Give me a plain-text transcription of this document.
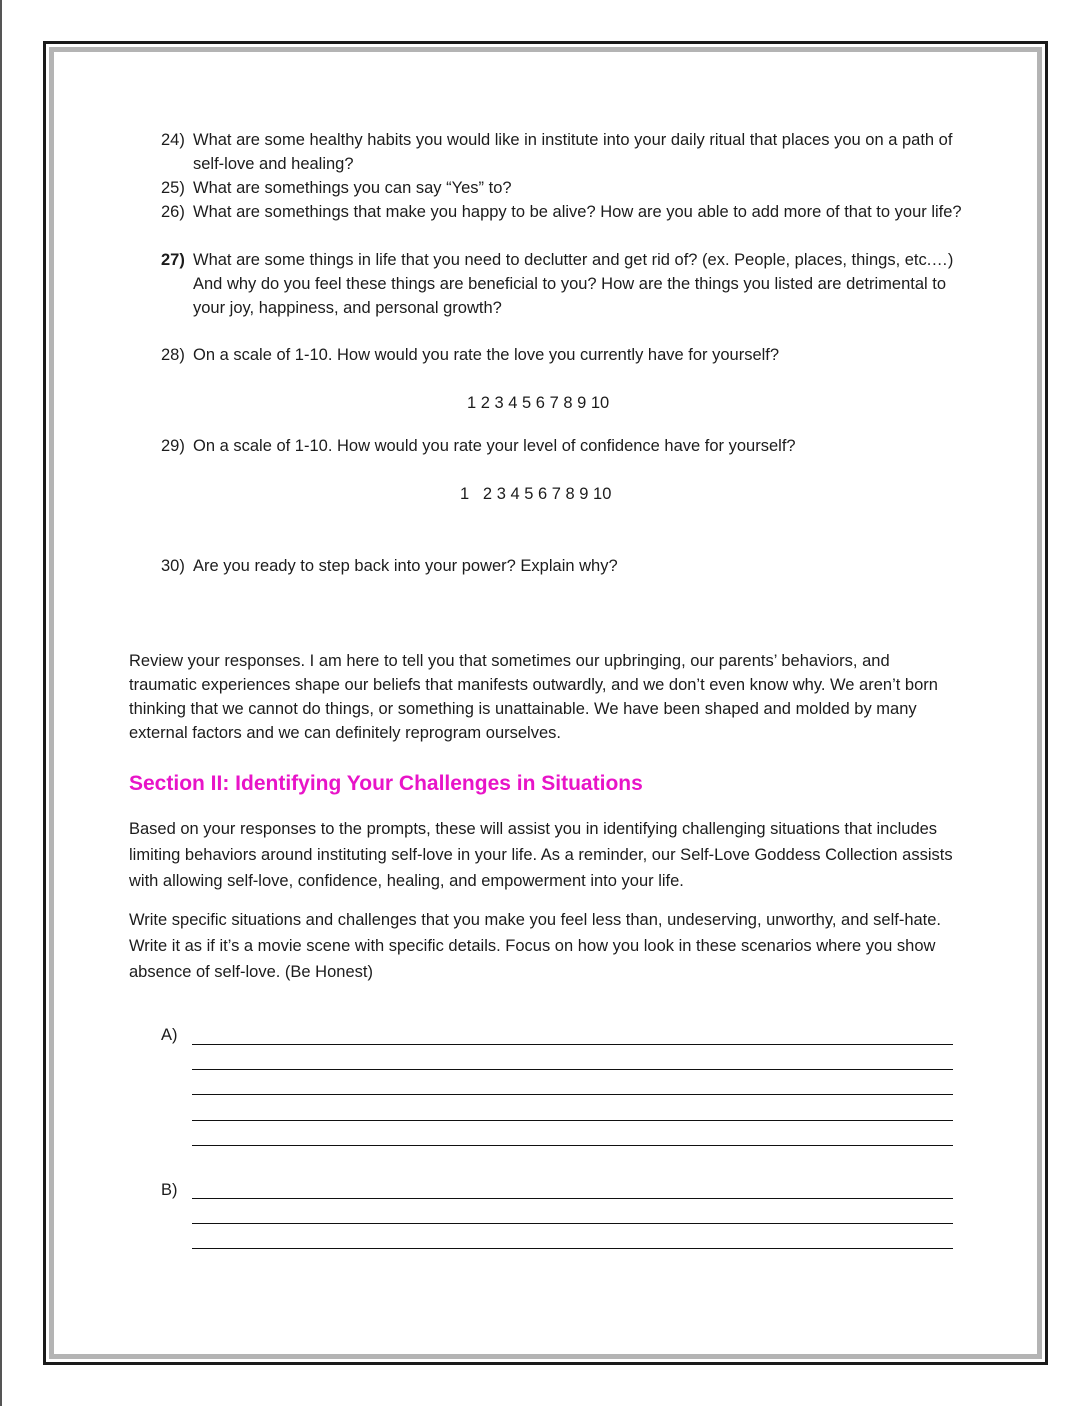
24) What are some healthy habits you would like in institute into your daily ritual that places you on a path of self-love and healing?
25) What are somethings you can say “Yes” to?
26) What are somethings that make you happy to be alive? How are you able to add more of that to your life?
27) What are some things in life that you need to declutter and get rid of? (ex. People, places, things, etc.…) And why do you feel these things are beneficial to you? How are the things you listed are detrimental to your joy, happiness, and personal growth?
28) On a scale of 1-10. How would you rate the love you currently have for yourself?
1 2 3 4 5 6 7 8 9 10
29) On a scale of 1-10. How would you rate your level of confidence have for yourself?
1   2 3 4 5 6 7 8 9 10
30) Are you ready to step back into your power? Explain why?
Review your responses. I am here to tell you that sometimes our upbringing, our parents’ behaviors, and traumatic experiences shape our beliefs that manifests outwardly, and we don’t even know why. We aren’t born thinking that we cannot do things, or something is unattainable. We have been shaped and molded by many external factors and we can definitely reprogram ourselves.
Section II: Identifying Your Challenges in Situations
Based on your responses to the prompts, these will assist you in identifying challenging situations that includes limiting behaviors around instituting self-love in your life. As a reminder, our Self-Love Goddess Collection assists with allowing self-love, confidence, healing, and empowerment into your life.
Write specific situations and challenges that you make you feel less than, undeserving, unworthy, and self-hate. Write it as if it’s a movie scene with specific details. Focus on how you look in these scenarios where you show absence of self-love. (Be Honest)
A)
B)
